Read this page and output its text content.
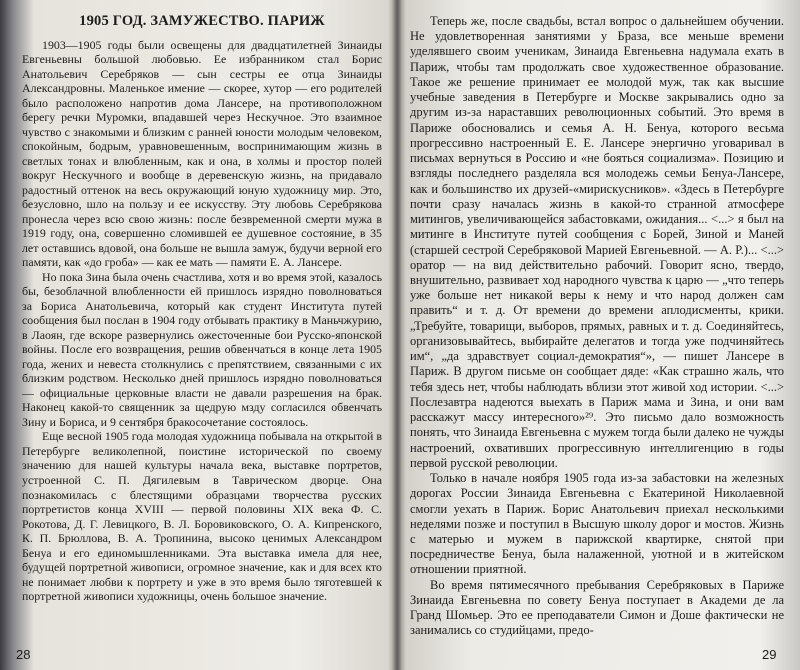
1905 ГОД. ЗАМУЖЕСТВО. ПАРИЖ

1903—1905 годы были освещены для двадцатилетней Зинаиды Евгеньевны большой любовью. Ее избранником стал Борис Анатольевич Серебряков — сын сестры ее отца Зинаиды Александровны. Маленькое имение — скорее, хутор — его родителей было расположено напротив дома Лансере, на противоположном берегу речки Муромки, впадавшей через Нескучное. Это взаимное чувство с знакомыми и близким с ранней юности молодым человеком, спокойным, бодрым, уравновешенным, воспринимающим жизнь в светлых тонах и влюбленным, как и она, в холмы и простор полей вокруг Нескучного и вообще в деревенскую жизнь, на придавало радостный оттенок на весь окружающий юную художницу мир. Это, безусловно, шло на пользу и ее искусству. Эту любовь Серебрякова пронесла через всю свою жизнь: после безвременной смерти мужа в 1919 году, она, совершенно сломившей ее душевное состояние, в 35 лет оставшись вдовой, она больше не вышла замуж, будучи верной его памяти, как «до гроба» — как ее мать — памяти Е. А. Лансере.

Но пока Зина была очень счастлива, хотя и во время этой, казалось бы, безоблачной влюбленности ей пришлось изрядно поволноваться за Бориса Анатольевича, который как студент Института путей сообщения был послан в 1904 году отбывать практику в Маньчжурию, в Лаоян, где вскоре развернулись ожесточенные бои Русско-японской войны. После его возвращения, решив обвенчаться в конце лета 1905 года, жених и невеста столкнулись с препятствием, связанными с их близким родством. Несколько дней пришлось изрядно поволноваться — официальные церковные власти не давали разрешения на брак. Наконец какой-то священник за щедрую мзду согласился обвенчать Зину и Бориса, и 9 сентября бракосочетание состоялось.

Еще весной 1905 года молодая художница побывала на открытой в Петербурге великолепной, поистине исторической по своему значению для нашей культуры начала века, выставке портретов, устроенной С. П. Дягилевым в Таврическом дворце. Она познакомилась с блестящими образцами творчества русских портретистов конца XVIII — первой половины XIX века Ф. С. Рокотова, Д. Г. Левицкого, В. Л. Боровиковского, О. А. Кипренского, К. П. Брюллова, В. А. Тропинина, высоко ценимых Александром Бенуа и его единомышленниками. Эта выставка имела для нее, будущей портретной живописи, огромное значение, как и для всех кто не понимает любви к портрету и уже в это время было тяготевшей к портретной живописи художницы, очень большое значение.

Теперь же, после свадьбы, встал вопрос о дальнейшем обучении. Не удовлетворенная занятиями у Браза, все меньше времени уделявшего своим ученикам, Зинаида Евгеньевна надумала ехать в Париж, чтобы там продолжать свое художественное образование. Такое же решение принимает ее молодой муж, так как высшие учебные заведения в Петербурге и Москве закрывались одно за другим из-за нараставших революционных событий. Это время в Париже обосновались и семья А. Н. Бенуа, которого весьма прогрессивно настроенный Е. Е. Лансере энергично уговаривал в письмах вернуться в Россию и «не бояться социализма». Позицию и взгляды последнего разделяла вся молодежь семьи Бенуа-Лансере, как и большинство их друзей-«мирискусников». «Здесь в Петербурге почти сразу началась жизнь в какой-то странной атмосфере митингов, увеличивающейся забастовками, ожидания... <...> я был на митинге в Институте путей сообщения с Борей, Зиной и Маней (старшей сестрой Серебряковой Марией Евгеньевной. — А. Р.)... <...> оратор — на вид действительно рабочий. Говорит ясно, твердо, внушительно, развивает ход народного чувства к царю — „что теперь уже больше нет никакой веры к нему и что народ должен сам править“ и т. д. От времени до времени аплодисменты, крики. „Требуйте, товарищи, выборов, прямых, равных и т. д. Соединяйтесь, организовывайтесь, выбирайте делегатов и тогда уже подчиняйтесь им“, „да здравствует социал-демократия“», — пишет Лансере в Париж. В другом письме он сообщает дяде: «Как страшно жаль, что тебя здесь нет, чтобы наблюдать вблизи этот живой ход истории. <...> Послезавтра надеются выехать в Париж мама и Зина, и они вам расскажут массу интересного»²⁹. Это письмо дало возможность понять, что Зинаида Евгеньевна с мужем тогда были далеко не чужды настроений, охвативших прогрессивную интеллигенцию в годы первой русской революции.

Только в начале ноября 1905 года из-за забастовки на железных дорогах России Зинаида Евгеньевна с Екатериной Николаевной смогли уехать в Париж. Борис Анатольевич приехал несколькими неделями позже и поступил в Высшую школу дорог и мостов. Жизнь с матерью и мужем в парижской квартирке, снятой при посредничестве Бенуа, была налаженной, уютной и в житейском отношении приятной.

Во время пятимесячного пребывания Серебряковых в Париже Зинаида Евгеньевна по совету Бенуа поступает в Академи де ла Гранд Шомьер. Это ее преподаватели Симон и Доше фактически не занимались со студийцами, предо-

28	29
